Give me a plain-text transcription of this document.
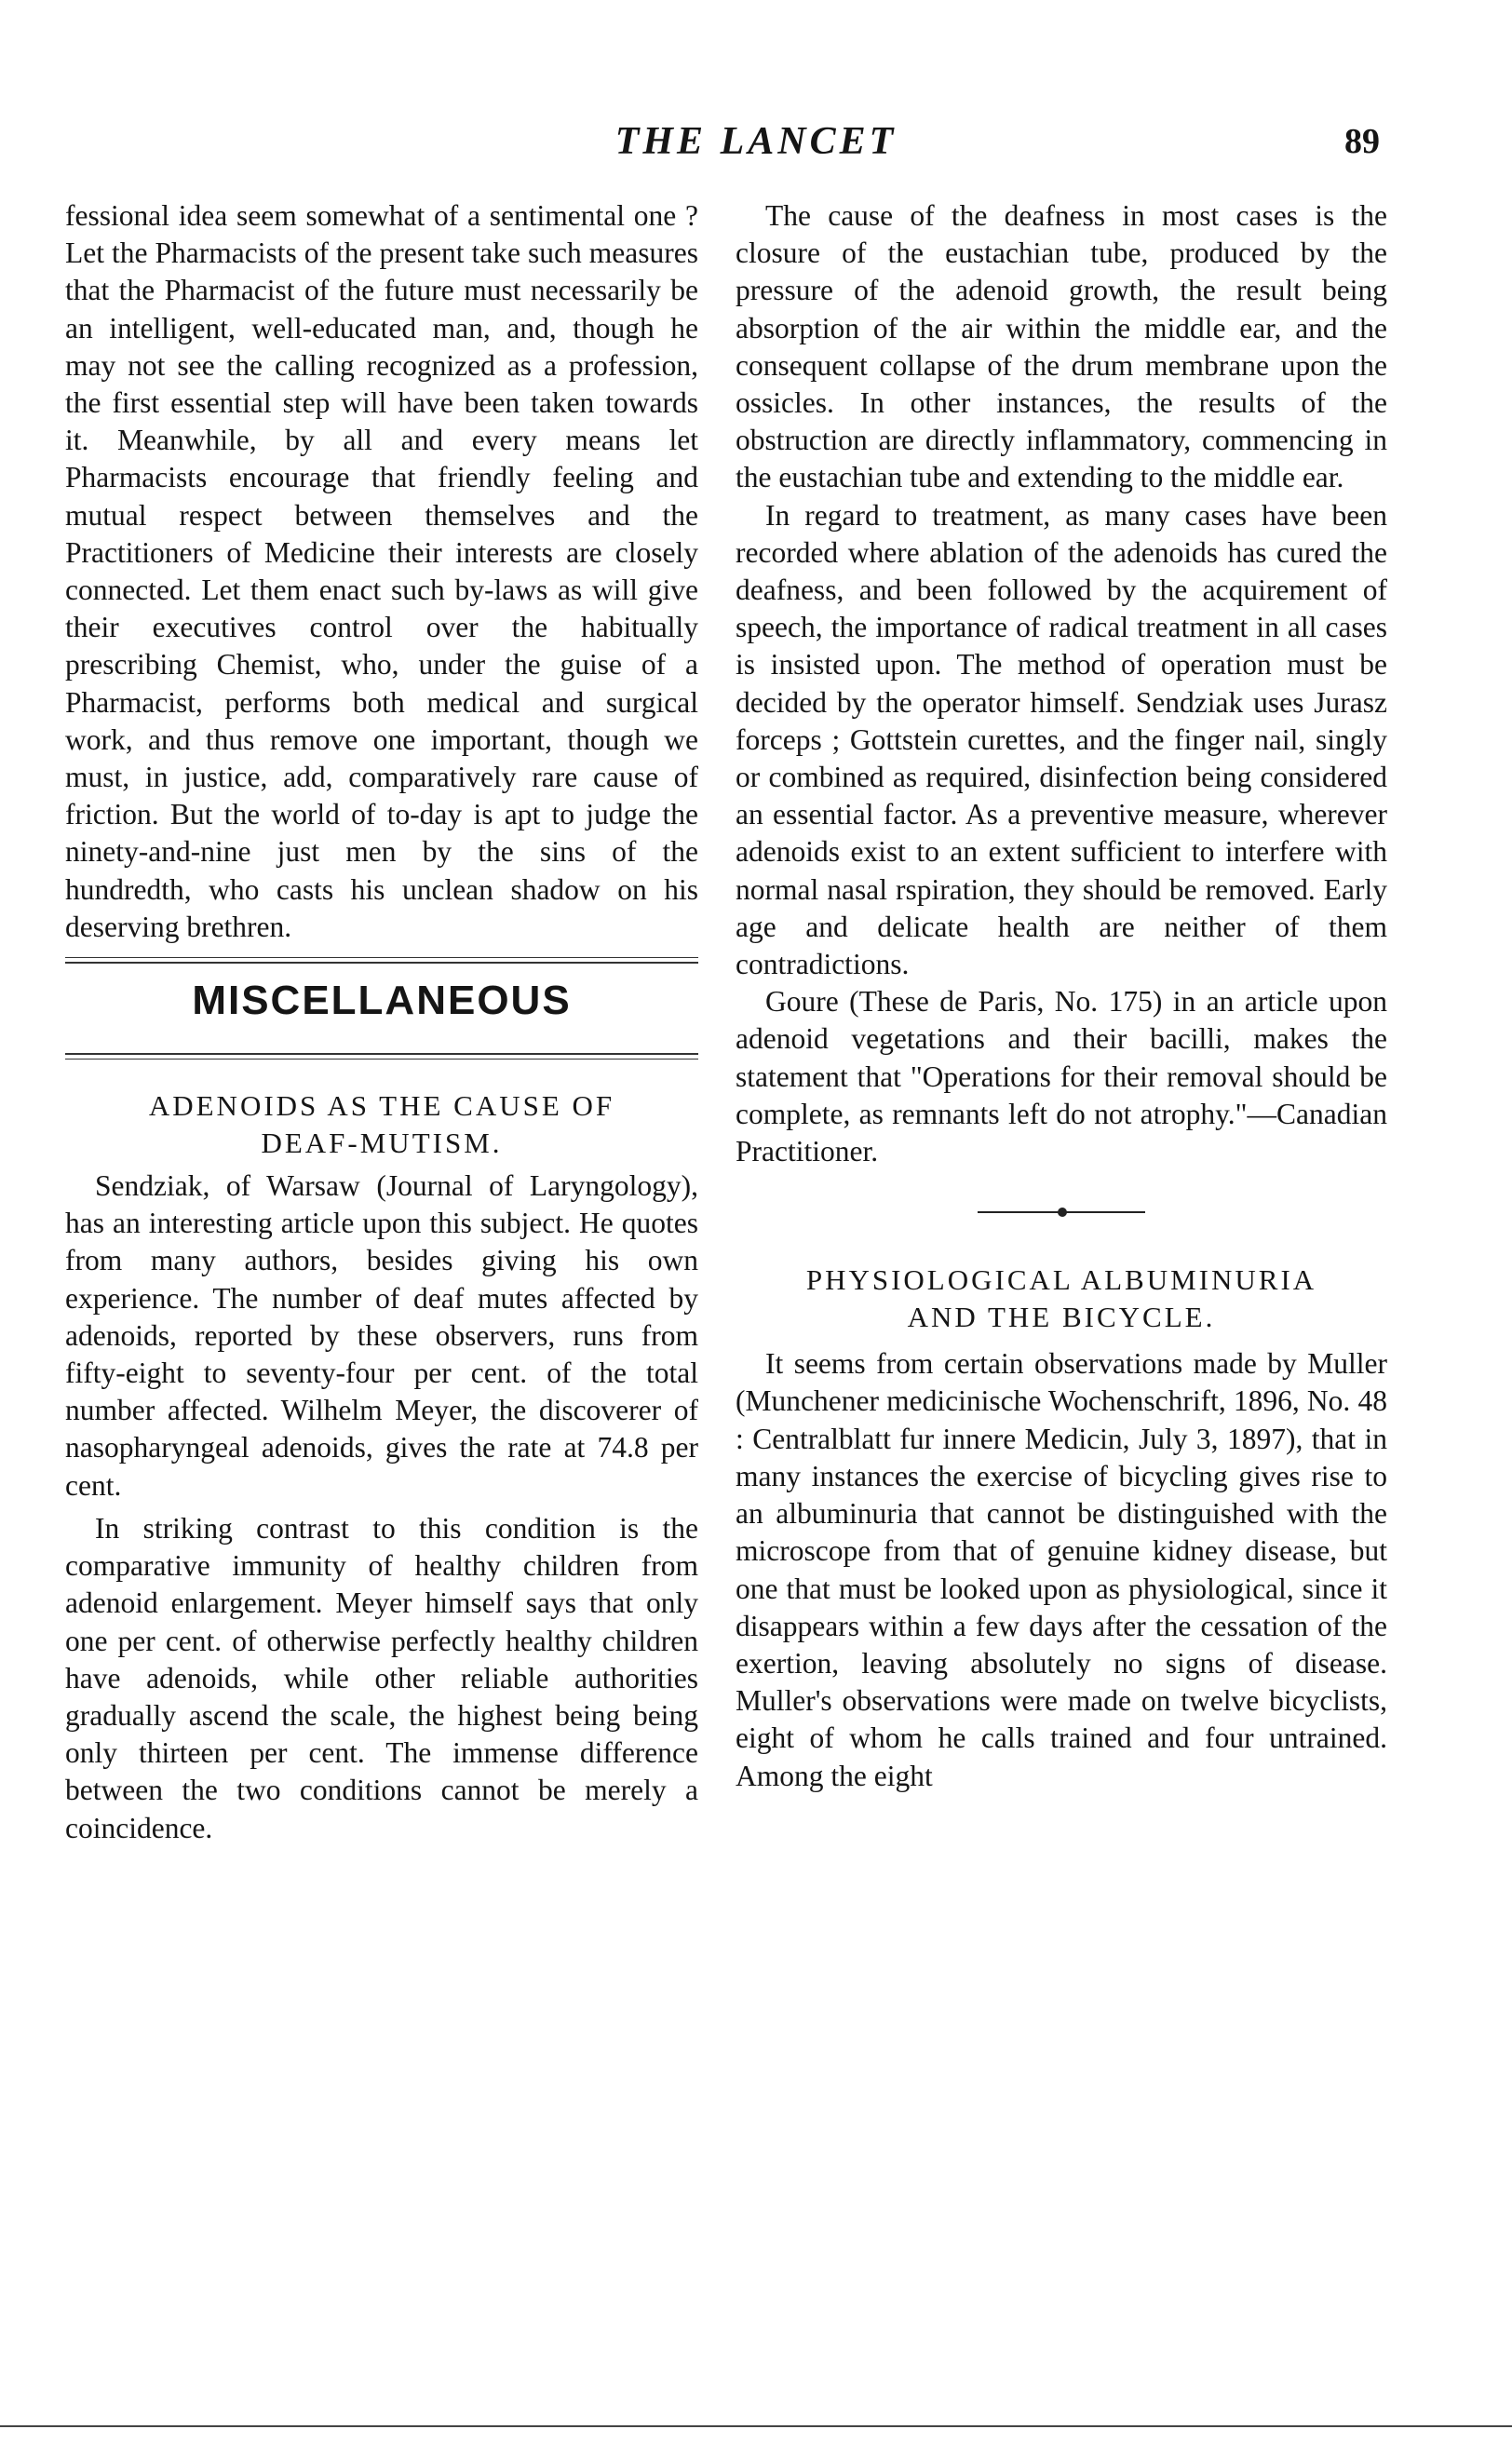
THE LANCET	89

fessional idea seem somewhat of a sentimental one ? Let the Pharmacists of the present take such measures that the Pharmacist of the future must necessarily be an intelligent, well-educated man, and, though he may not see the calling recognized as a profession, the first essential step will have been taken towards it. Meanwhile, by all and every means let Pharmacists encourage that friendly feeling and mutual respect between themselves and the Practitioners of Medicine their interests are closely connected. Let them enact such by-laws as will give their executives control over the habitually prescribing Chemist, who, under the guise of a Pharmacist, performs both medical and surgical work, and thus remove one important, though we must, in justice, add, comparatively rare cause of friction. But the world of to-day is apt to judge the ninety-and-nine just men by the sins of the hundredth, who casts his unclean shadow on his deserving brethren.

MISCELLANEOUS
ADENOIDS AS THE CAUSE OF
DEAF-MUTISM.

Sendziak, of Warsaw (Journal of Laryngology), has an interesting article upon this subject. He quotes from many authors, besides giving his own experience. The number of deaf mutes affected by adenoids, reported by these observers, runs from fifty-eight to seventy-four per cent. of the total number affected. Wilhelm Meyer, the discoverer of nasopharyngeal adenoids, gives the rate at 74.8 per cent.

In striking contrast to this condition is the comparative immunity of healthy children from adenoid enlargement. Meyer himself says that only one per cent. of otherwise perfectly healthy children have adenoids, while other reliable authorities gradually ascend the scale, the highest being being only thirteen per cent. The immense difference between the two conditions cannot be merely a coincidence.

The cause of the deafness in most cases is the closure of the eustachian tube, produced by the pressure of the adenoid growth, the result being absorption of the air within the middle ear, and the consequent collapse of the drum membrane upon the ossicles. In other instances, the results of the obstruction are directly inflammatory, commencing in the eustachian tube and extending to the middle ear.

In regard to treatment, as many cases have been recorded where ablation of the adenoids has cured the deafness, and been followed by the acquirement of speech, the importance of radical treatment in all cases is insisted upon. The method of operation must be decided by the operator himself. Sendziak uses Jurasz forceps ; Gottstein curettes, and the finger nail, singly or combined as required, disinfection being considered an essential factor. As a preventive measure, wherever adenoids exist to an extent sufficient to interfere with normal nasal rspiration, they should be removed. Early age and delicate health are neither of them contradictions.

Goure (These de Paris, No. 175) in an article upon adenoid vegetations and their bacilli, makes the statement that "Operations for their removal should be complete, as remnants left do not atrophy."—Canadian Practitioner.

PHYSIOLOGICAL ALBUMINURIA
AND THE BICYCLE.

It seems from certain observations made by Muller (Munchener medicinische Wochenschrift, 1896, No. 48 : Centralblatt fur innere Medicin, July 3, 1897), that in many instances the exercise of bicycling gives rise to an albuminuria that cannot be distinguished with the microscope from that of genuine kidney disease, but one that must be looked upon as physiological, since it disappears within a few days after the cessation of the exertion, leaving absolutely no signs of disease. Muller's observations were made on twelve bicyclists, eight of whom he calls trained and four untrained. Among the eight
